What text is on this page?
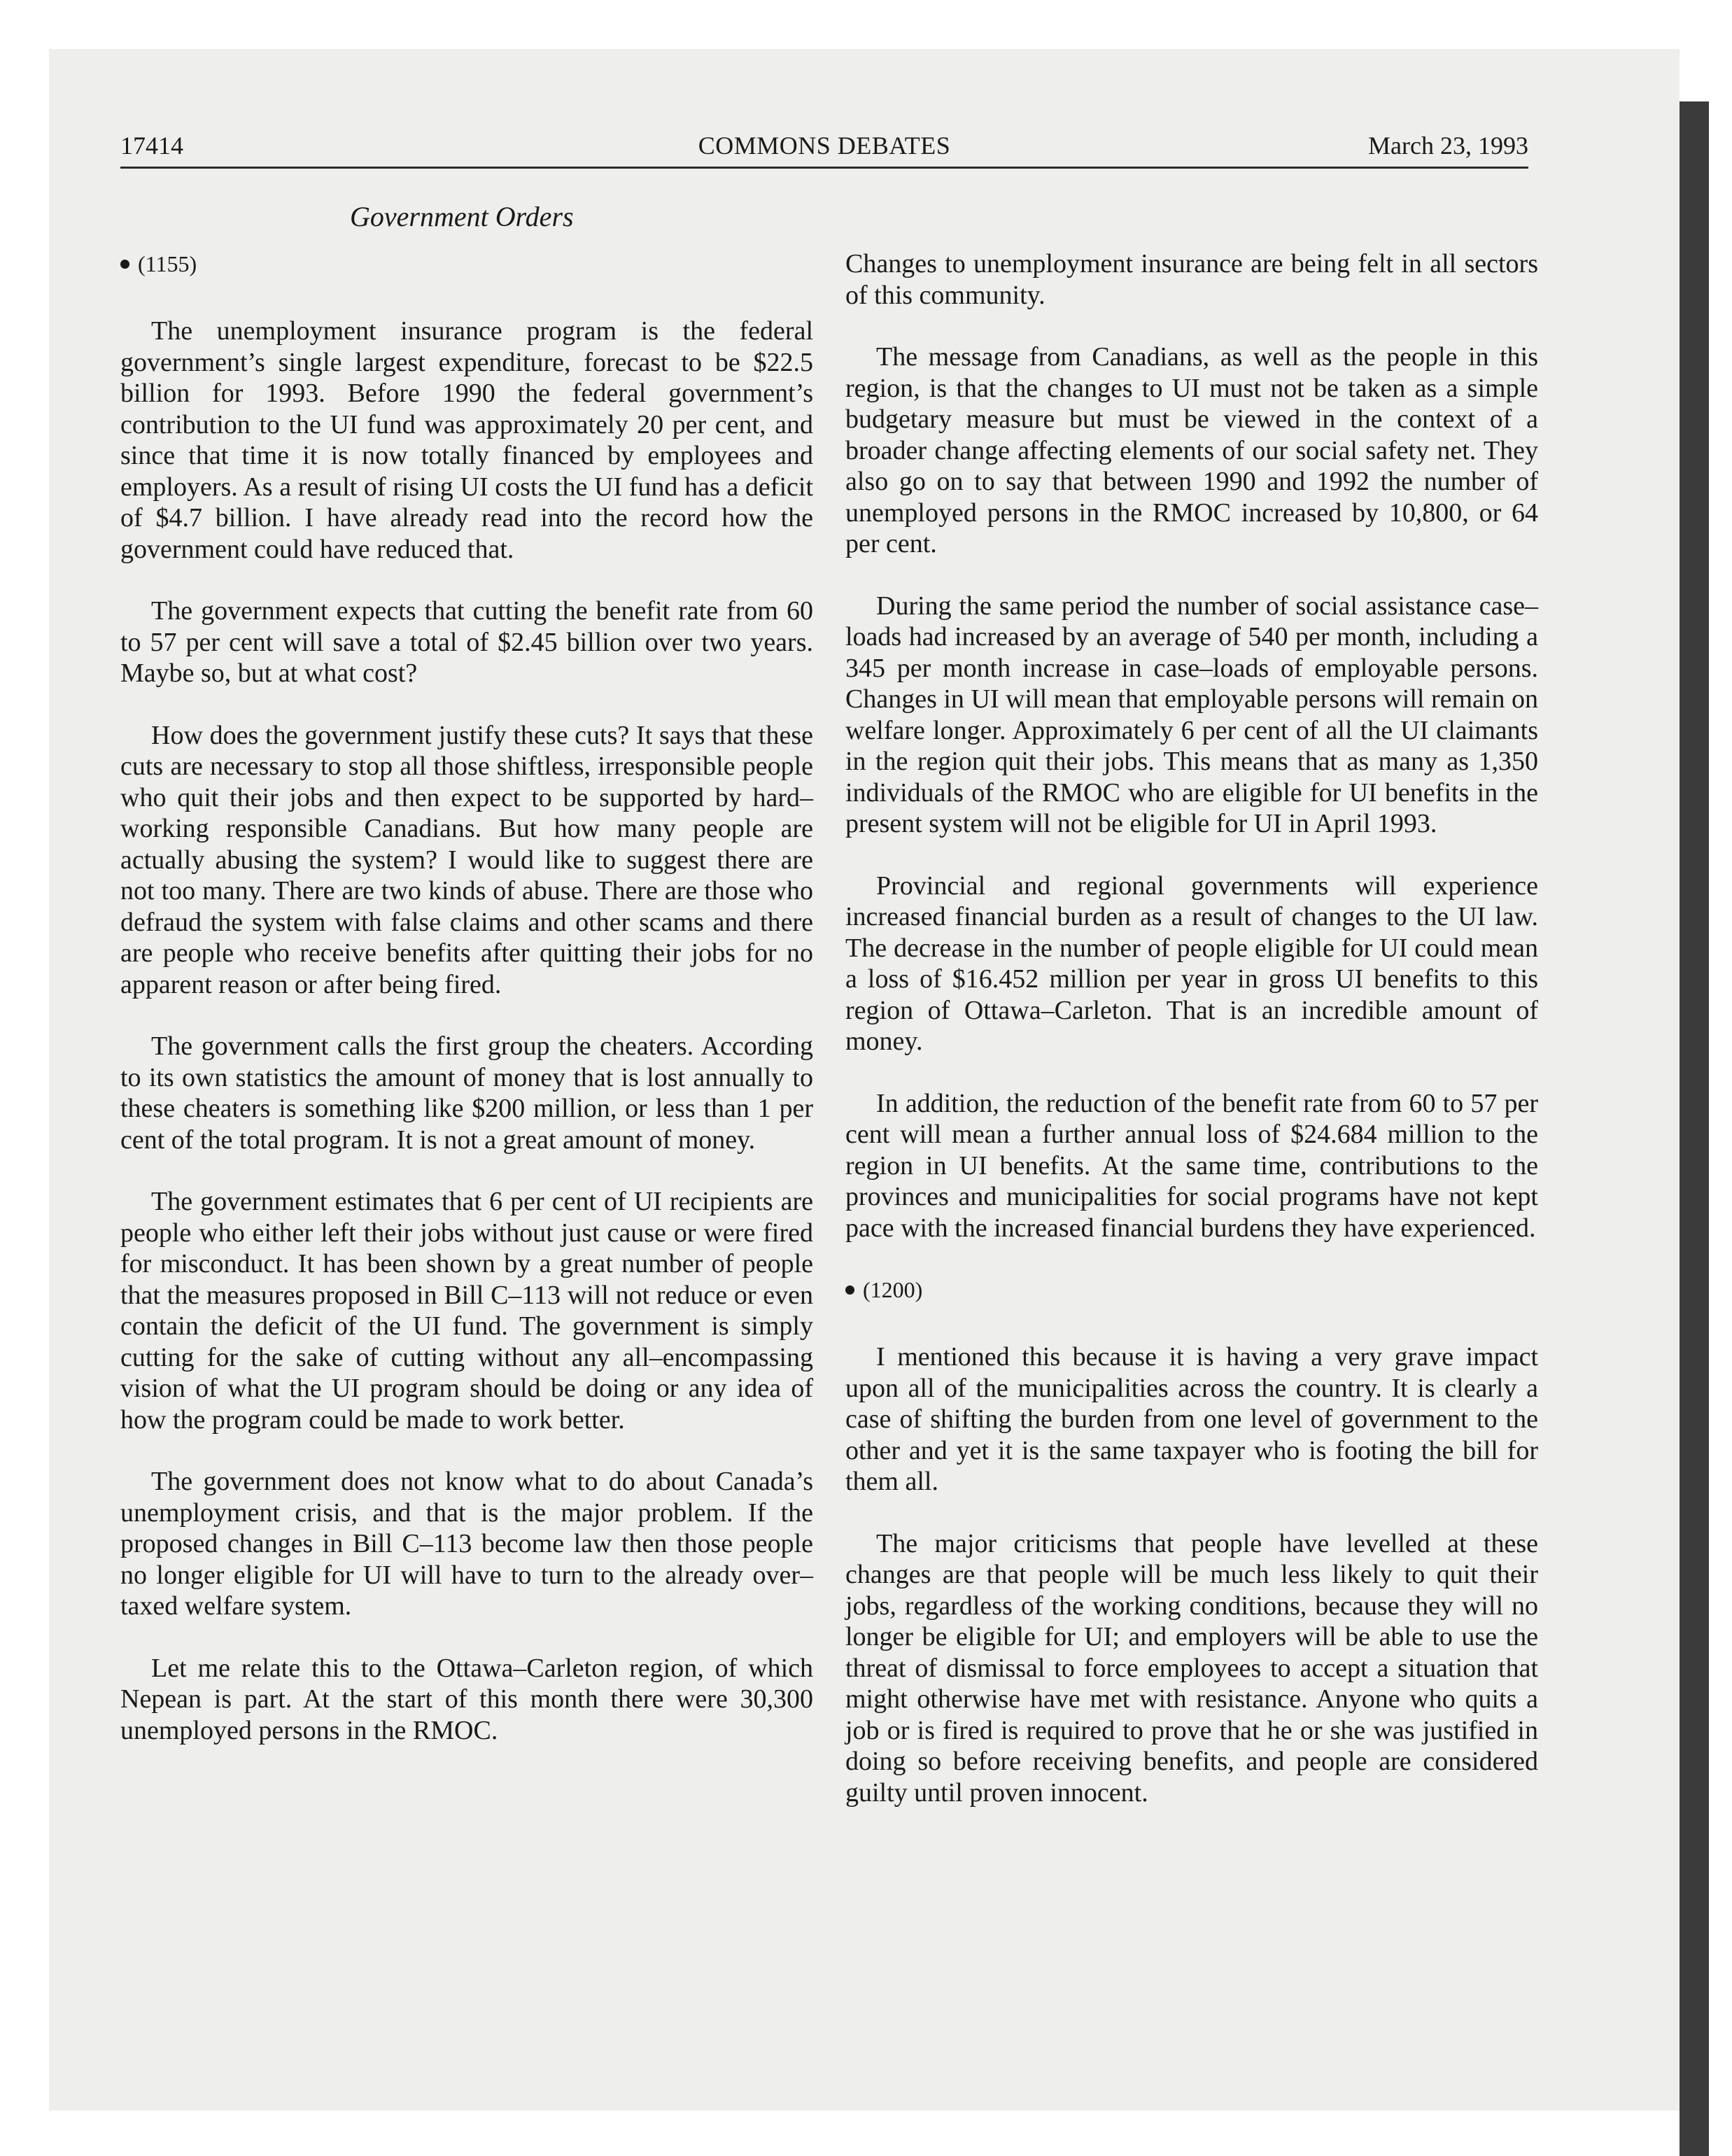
17414	COMMONS DEBATES	March 23, 1993
Government Orders
(1155)

The unemployment insurance program is the federal government’s single largest expenditure, forecast to be $22.5 billion for 1993. Before 1990 the federal government’s contribution to the UI fund was approximately 20 per cent, and since that time it is now totally financed by employees and employers. As a result of rising UI costs the UI fund has a deficit of $4.7 billion. I have already read into the record how the government could have reduced that.

The government expects that cutting the benefit rate from 60 to 57 per cent will save a total of $2.45 billion over two years. Maybe so, but at what cost?

How does the government justify these cuts? It says that these cuts are necessary to stop all those shiftless, irresponsible people who quit their jobs and then expect to be supported by hard–working responsible Canadians. But how many people are actually abusing the system? I would like to suggest there are not too many. There are two kinds of abuse. There are those who defraud the system with false claims and other scams and there are people who receive benefits after quitting their jobs for no apparent reason or after being fired.

The government calls the first group the cheaters. According to its own statistics the amount of money that is lost annually to these cheaters is something like $200 million, or less than 1 per cent of the total program. It is not a great amount of money.

The government estimates that 6 per cent of UI recipients are people who either left their jobs without just cause or were fired for misconduct. It has been shown by a great number of people that the measures proposed in Bill C–113 will not reduce or even contain the deficit of the UI fund. The government is simply cutting for the sake of cutting without any all–encompassing vision of what the UI program should be doing or any idea of how the program could be made to work better.

The government does not know what to do about Canada’s unemployment crisis, and that is the major problem. If the proposed changes in Bill C–113 become law then those people no longer eligible for UI will have to turn to the already over–taxed welfare system.

Let me relate this to the Ottawa–Carleton region, of which Nepean is part. At the start of this month there were 30,300 unemployed persons in the RMOC.

Changes to unemployment insurance are being felt in all sectors of this community.

The message from Canadians, as well as the people in this region, is that the changes to UI must not be taken as a simple budgetary measure but must be viewed in the context of a broader change affecting elements of our social safety net. They also go on to say that between 1990 and 1992 the number of unemployed persons in the RMOC increased by 10,800, or 64 per cent.

During the same period the number of social assistance case–loads had increased by an average of 540 per month, including a 345 per month increase in case–loads of employable persons. Changes in UI will mean that employable persons will remain on welfare longer. Approximately 6 per cent of all the UI claimants in the region quit their jobs. This means that as many as 1,350 individuals of the RMOC who are eligible for UI benefits in the present system will not be eligible for UI in April 1993.

Provincial and regional governments will experience increased financial burden as a result of changes to the UI law. The decrease in the number of people eligible for UI could mean a loss of $16.452 million per year in gross UI benefits to this region of Ottawa–Carleton. That is an incredible amount of money.

In addition, the reduction of the benefit rate from 60 to 57 per cent will mean a further annual loss of $24.684 million to the region in UI benefits. At the same time, contributions to the provinces and municipalities for social programs have not kept pace with the increased financial burdens they have experienced.

(1200)

I mentioned this because it is having a very grave impact upon all of the municipalities across the country. It is clearly a case of shifting the burden from one level of government to the other and yet it is the same taxpayer who is footing the bill for them all.

The major criticisms that people have levelled at these changes are that people will be much less likely to quit their jobs, regardless of the working conditions, because they will no longer be eligible for UI; and employers will be able to use the threat of dismissal to force employees to accept a situation that might otherwise have met with resistance. Anyone who quits a job or is fired is required to prove that he or she was justified in doing so before receiving benefits, and people are considered guilty until proven innocent.
